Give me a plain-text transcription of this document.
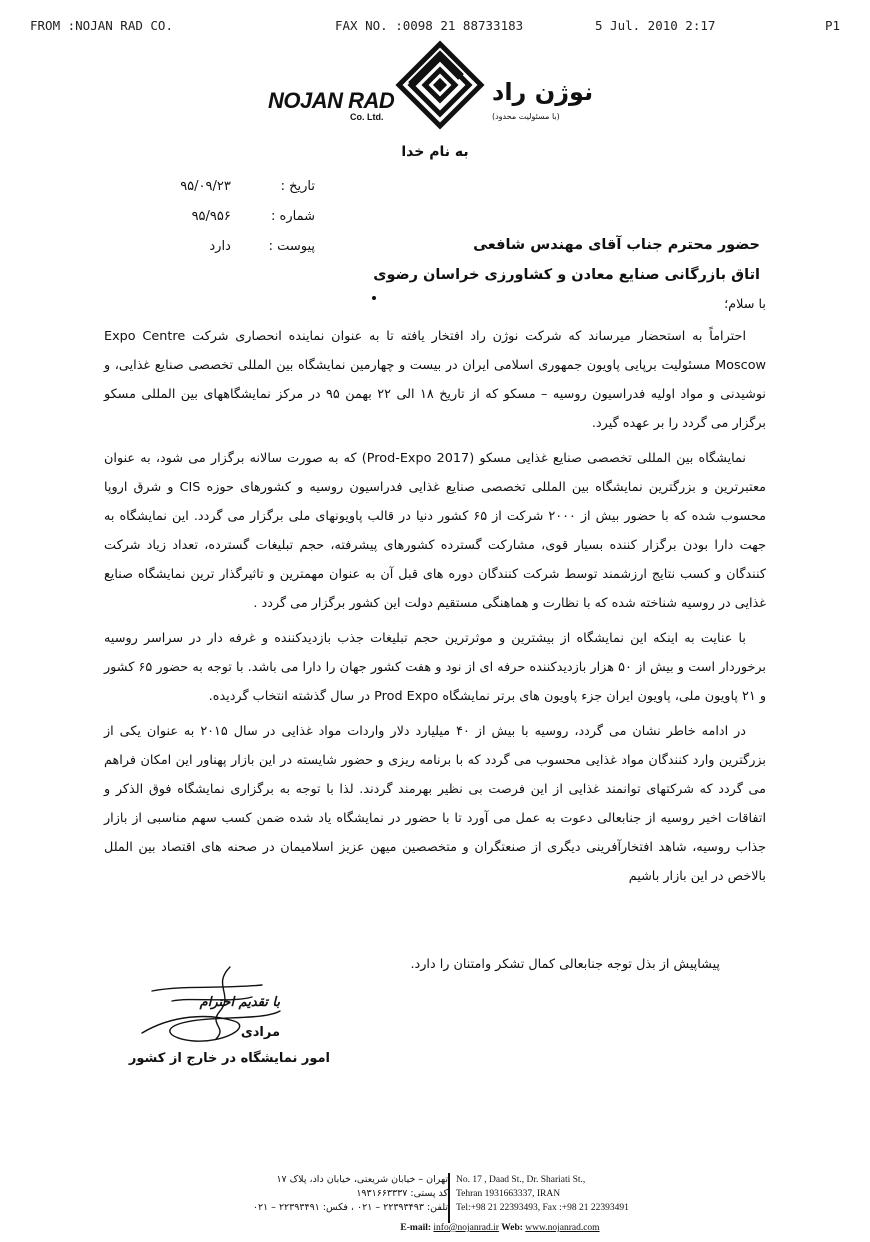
FROM :NOJAN RAD CO.	FAX NO. :0098 21 88733183	5 Jul. 2010 2:17	P1
NOJAN RAD
Co. Ltd.
نوژن راد
(با مسئولیت محدود)
به نام خدا
تاریخ : ۹۵/۰۹/۲۳
شماره : ۹۵/۹۵۶
پیوست : دارد	حضور محترم جناب آقای مهندس شافعی
اتاق بازرگانی صنایع معادن و کشاورزی خراسان رضوی
با سلام؛

احتراماً به استحضار میرساند که شرکت نوژن راد افتخار یافته تا به عنوان نماینده انحصاری شرکت Expo Centre Moscow مسئولیت برپایی پاویون جمهوری اسلامی ایران در بیست و چهارمین نمایشگاه بین المللی تخصصی صنایع غذایی، و نوشیدنی و مواد اولیه فدراسیون روسیه – مسکو که از تاریخ ۱۸ الی ۲۲ بهمن ۹۵ در مرکز نمایشگاههای بین المللی مسکو برگزار می گردد را بر عهده گیرد.

نمایشگاه بین المللی تخصصی صنایع غذایی مسکو (Prod-Expo 2017) که به صورت سالانه برگزار می شود، به عنوان معتبرترین و بزرگترین نمایشگاه بین المللی تخصصی صنایع غذایی فدراسیون روسیه و کشورهای حوزه CIS و شرق اروپا محسوب شده که با حضور بیش از ۲۰۰۰ شرکت از ۶۵ کشور دنیا در قالب پاویونهای ملی برگزار می گردد. این نمایشگاه به جهت دارا بودن برگزار کننده بسیار قوی، مشارکت گسترده کشورهای پیشرفته، حجم تبلیغات گسترده، تعداد زیاد شرکت کنندگان و کسب نتایج ارزشمند توسط شرکت کنندگان دوره های قبل آن به عنوان مهمترین و تاثیرگذار ترین نمایشگاه صنایع غذایی در روسیه شناخته شده که با نظارت و هماهنگی مستقیم دولت این کشور برگزار می گردد .

با عنایت به اینکه این نمایشگاه از بیشترین و موثرترین حجم تبلیغات جذب بازدیدکننده و غرفه دار در سراسر روسیه برخوردار است و بیش از ۵۰ هزار بازدیدکننده حرفه ای از نود و هفت کشور جهان را دارا می باشد. با توجه به حضور ۶۵ کشور و ۲۱ پاویون ملی، پاویون ایران جزء پاویون های برتر نمایشگاه Prod Expo در سال گذشته انتخاب گردیده.

در ادامه خاطر نشان می گردد، روسیه با بیش از ۴۰ میلیارد دلار واردات مواد غذایی در سال ۲۰۱۵ به عنوان یکی از بزرگترین وارد کنندگان مواد غذایی محسوب می گردد که با برنامه ریزی و حضور شایسته در این بازار پهناور این امکان فراهم می گردد که شرکتهای توانمند غذایی از این فرصت بی نظیر بهرمند گردند. لذا با توجه به برگزاری نمایشگاه فوق الذکر و اتفاقات اخیر روسیه از جنابعالی دعوت به عمل می آورد تا با حضور در نمایشگاه یاد شده ضمن کسب سهم مناسبی از بازار جذاب روسیه، شاهد افتخارآفرینی دیگری از صنعتگران و متخصصین میهن عزیز اسلامیمان در صحنه های اقتصاد بین الملل بالاخص در این بازار باشیم

پیشاپیش از بذل توجه جنابعالی کمال تشکر وامتنان را دارد.
با تقدیم احترام
مرادی
امور نمایشگاه در خارج از کشور
تهران – خیابان شریعتی، خیابان داد، پلاک ۱۷
کد پستی: ۱۹۳۱۶۶۳۳۳۷
تلفن: ۲۲۳۹۳۴۹۳ – ۰۲۱ ، فکس: ۲۲۳۹۳۴۹۱ – ۰۲۱
No. 17 , Daad St., Dr. Shariati St.,
Tehran 1931663337, IRAN
Tel:+98 21 22393493, Fax :+98 21 22393491
E-mail: info@nojanrad.ir Web: www.nojanrad.com
